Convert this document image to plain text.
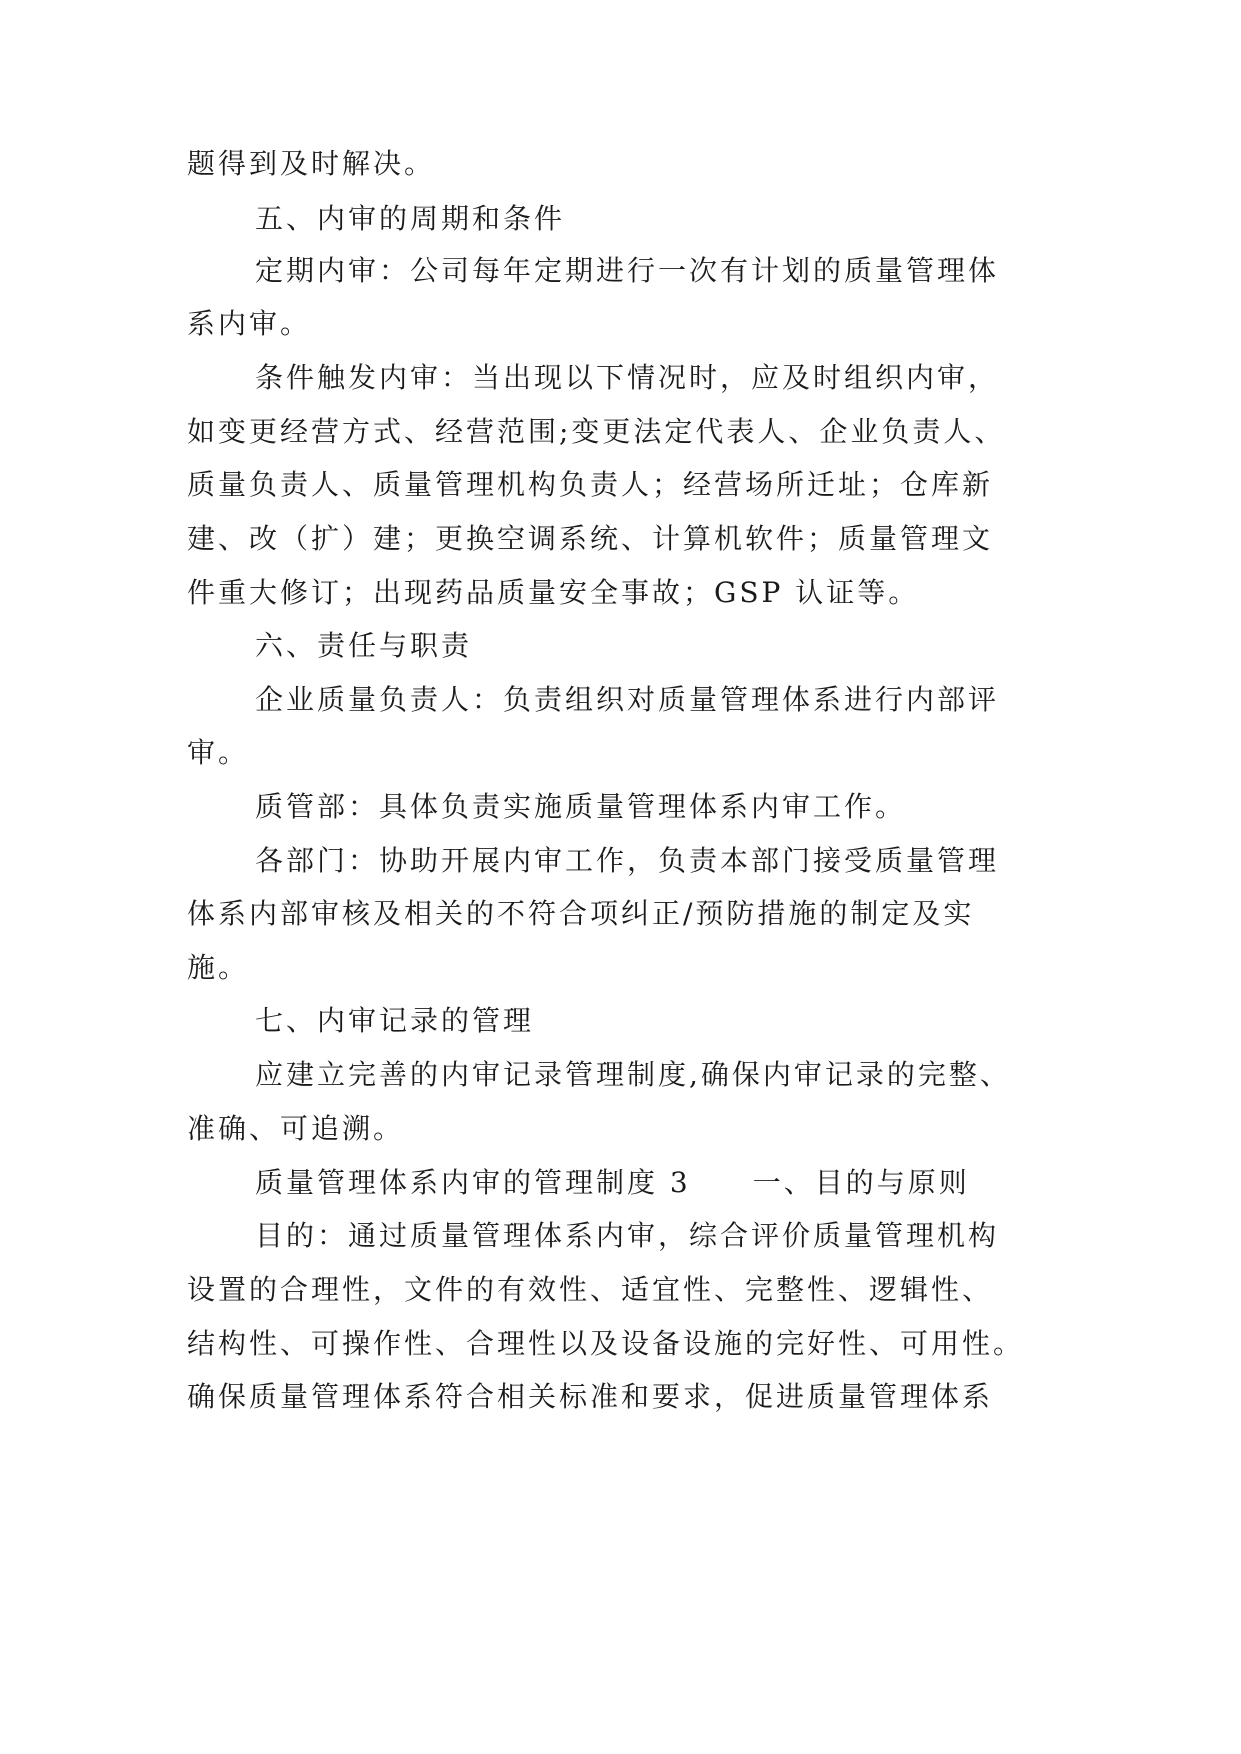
题得到及时解决。
五、内审的周期和条件
定期内审：公司每年定期进行一次有计划的质量管理体
系内审。
条件触发内审：当出现以下情况时，应及时组织内审，
如变更经营方式、经营范围;变更法定代表人、企业负责人、
质量负责人、质量管理机构负责人；经营场所迁址；仓库新
建、改（扩）建；更换空调系统、计算机软件；质量管理文
件重大修订；出现药品质量安全事故；GSP 认证等。
六、责任与职责
企业质量负责人：负责组织对质量管理体系进行内部评
审。
质管部：具体负责实施质量管理体系内审工作。
各部门：协助开展内审工作，负责本部门接受质量管理
体系内部审核及相关的不符合项纠正/预防措施的制定及实
施。
七、内审记录的管理
应建立完善的内审记录管理制度,确保内审记录的完整、
准确、可追溯。
质量管理体系内审的管理制度 3　　一、目的与原则
目的：通过质量管理体系内审，综合评价质量管理机构
设置的合理性，文件的有效性、适宜性、完整性、逻辑性、
结构性、可操作性、合理性以及设备设施的完好性、可用性。
确保质量管理体系符合相关标准和要求，促进质量管理体系
